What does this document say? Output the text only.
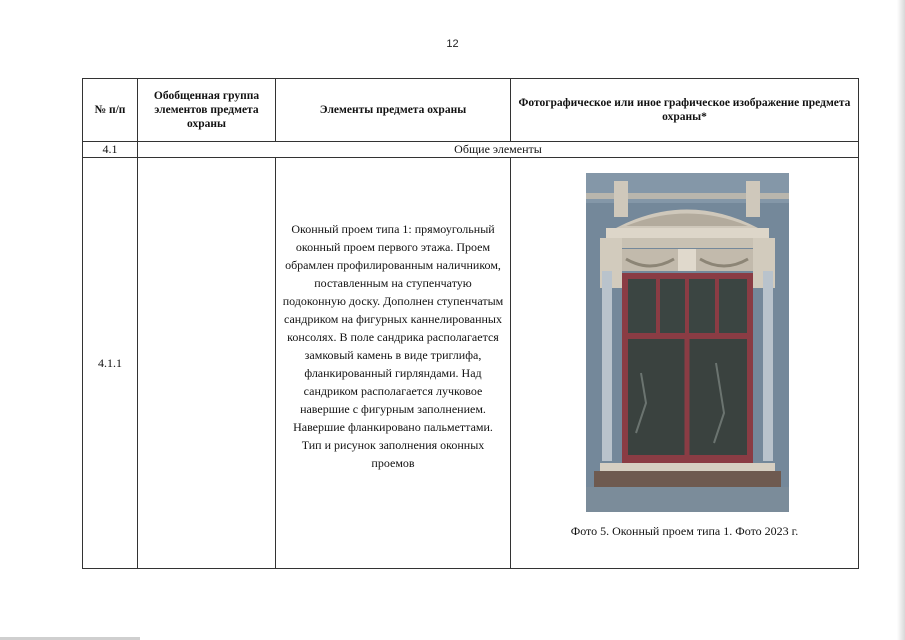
12
№ п/п	Обобщенная группа элементов предмета охраны	Элементы предмета охраны	Фотографическое или иное графическое изображение предмета охраны*
4.1	Общие элементы		
4.1.1		Оконный проем типа 1: прямоугольный оконный проем первого этажа. Проем обрамлен профилированным наличником, поставленным на ступенчатую подоконную доску. Дополнен ступенчатым сандриком на фигурных каннелированных консолях. В поле сандрика располагается замковый камень в виде триглифа, фланкированный гирляндами. Над сандриком располагается лучковое навершие с фигурным заполнением. Навершие фланкировано пальметтами. Тип и рисунок заполнения оконных проемов	Фото 5. Оконный проем типа 1. Фото 2023 г.
